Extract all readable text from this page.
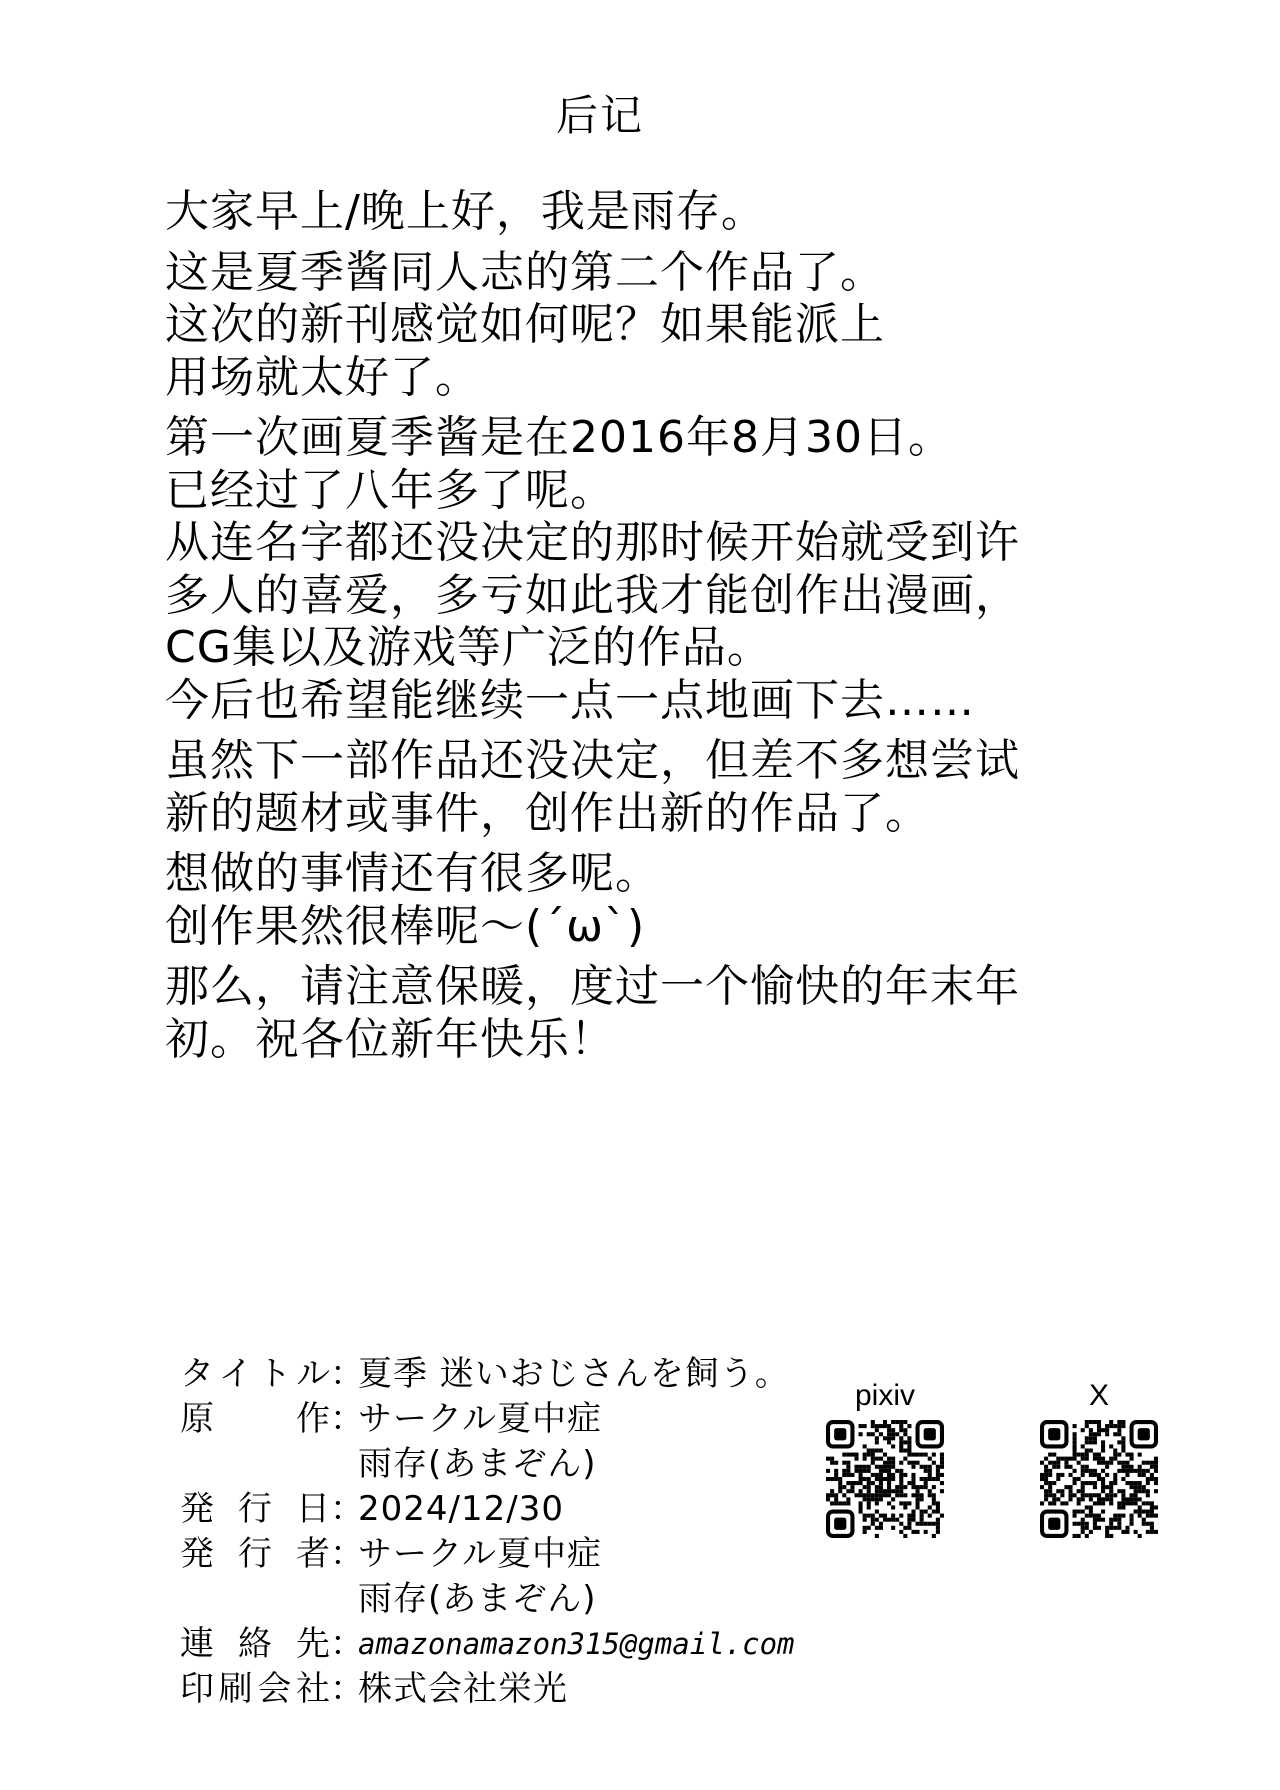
后记
大家早上/晚上好，我是雨存。
这是夏季酱同人志的第二个作品了。
这次的新刊感觉如何呢？如果能派上
用场就太好了。
第一次画夏季酱是在2016年8月30日。
已经过了八年多了呢。
从连名字都还没决定的那时候开始就受到许
多人的喜爱，多亏如此我才能创作出漫画，
CG集以及游戏等广泛的作品。
今后也希望能继续一点一点地画下去……
虽然下一部作品还没决定，但差不多想尝试
新的题材或事件，创作出新的作品了。
想做的事情还有很多呢。
创作果然很棒呢～(´ω`)
那么，请注意保暖，度过一个愉快的年末年
初。祝各位新年快乐！
タ イ ト ル ：
夏季 迷いおじさんを飼う。
原 作 ：
サークル夏中症
雨存(あまぞん)
発 行 日 ：
2024/12/30
発 行 者 ：
サークル夏中症
雨存(あまぞん)
連 絡 先 ：
amazonamazon315@gmail.com
印 刷 会 社 ：
株式会社栄光
pixiv	X
